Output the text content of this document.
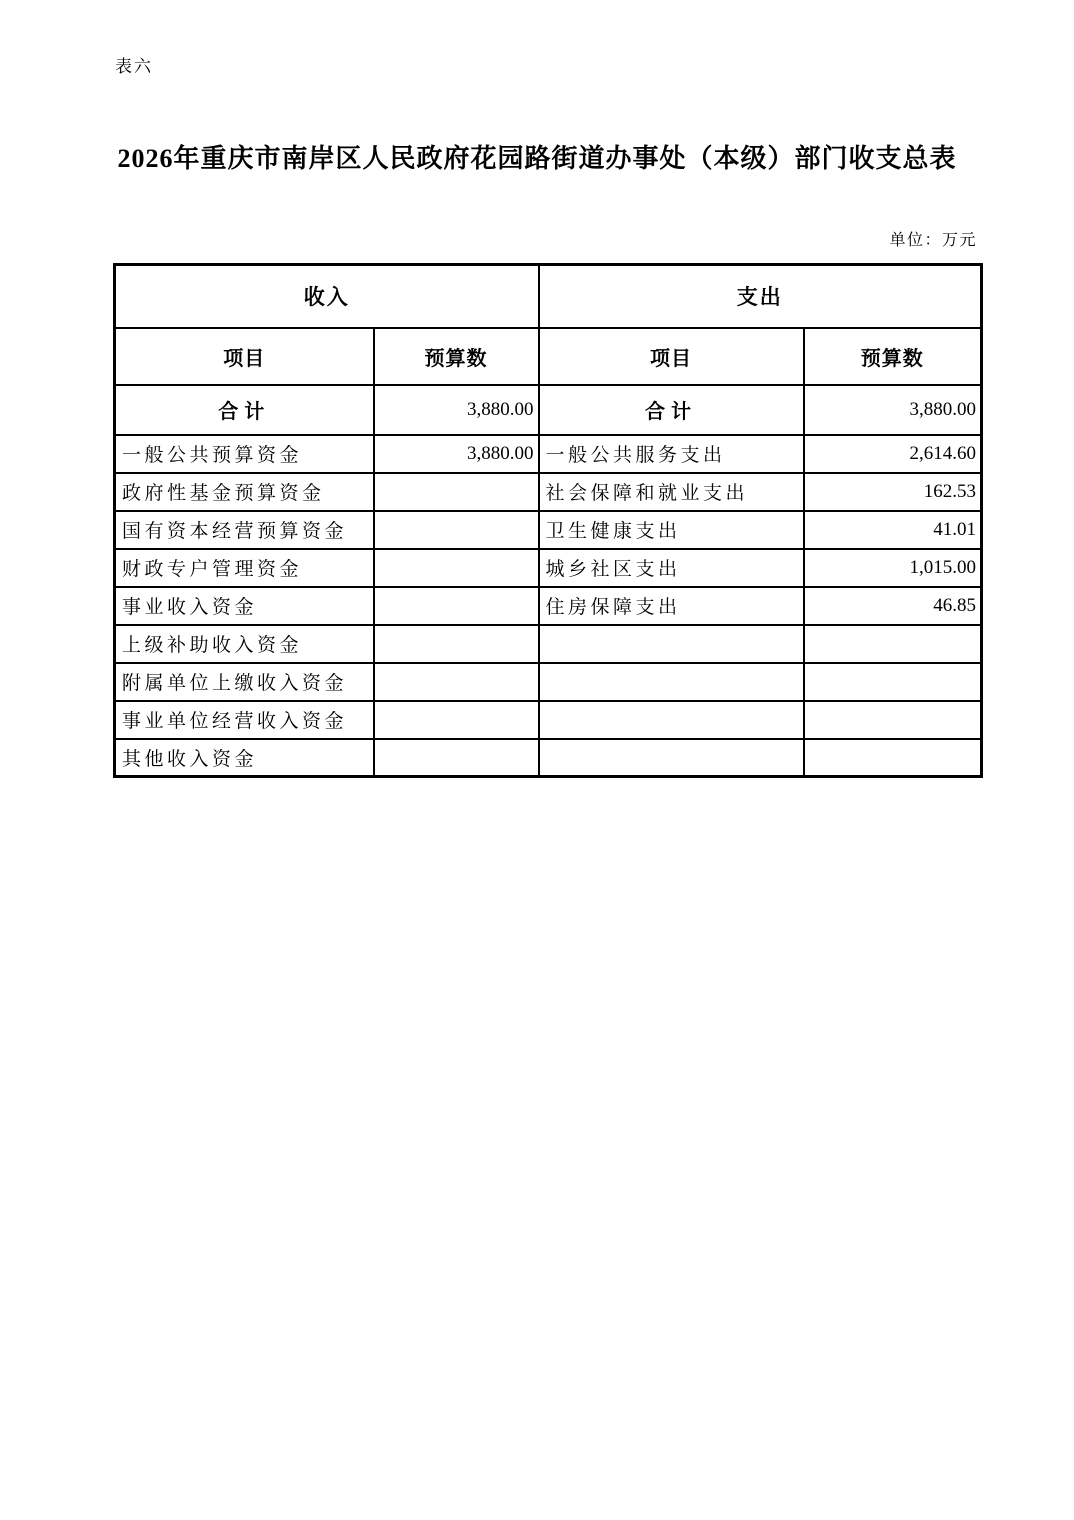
表六
2026年重庆市南岸区人民政府花园路街道办事处（本级）部门收支总表
单位：万元
收入		支出	
项目	预算数	项目	预算数
合计	3,880.00	合计	3,880.00
一般公共预算资金	3,880.00	一般公共服务支出	2,614.60
政府性基金预算资金		社会保障和就业支出	162.53
国有资本经营预算资金		卫生健康支出	41.01
财政专户管理资金		城乡社区支出	1,015.00
事业收入资金		住房保障支出	46.85
上级补助收入资金			
附属单位上缴收入资金			
事业单位经营收入资金			
其他收入资金			
